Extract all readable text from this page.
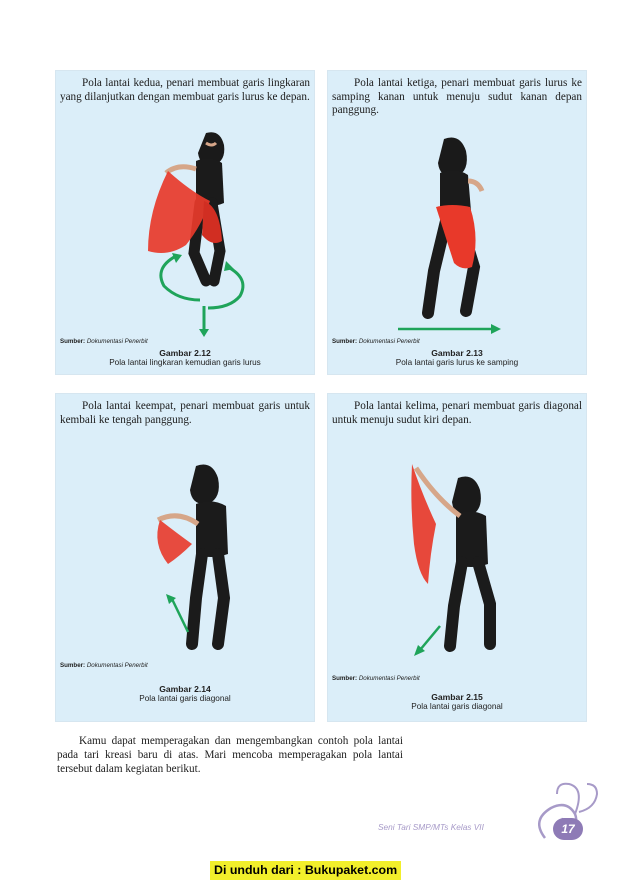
Pola lantai kedua, penari membuat garis lingkaran yang dilanjutkan dengan membuat garis lurus ke depan.
Sumber: Dokumentasi Penerbit
Gambar 2.12
Pola lantai lingkaran kemudian garis lurus
Pola lantai ketiga, penari membuat garis lurus ke samping kanan untuk menuju sudut kanan depan panggung.
Sumber: Dokumentasi Penerbit
Gambar 2.13
Pola lantai garis lurus ke samping
Pola lantai keempat, penari membuat garis untuk kembali ke tengah panggung.
Sumber: Dokumentasi Penerbit
Gambar 2.14
Pola lantai garis diagonal
Pola lantai kelima, penari membuat garis diagonal untuk menuju sudut kiri depan.
Sumber: Dokumentasi Penerbit
Gambar 2.15
Pola lantai garis diagonal
Kamu dapat memperagakan dan mengembangkan contoh pola lantai pada tari kreasi baru di atas. Mari mencoba memperagakan pola lantai tersebut dalam kegiatan berikut.
Seni Tari SMP/MTs Kelas VII	17
Di unduh dari : Bukupaket.com
